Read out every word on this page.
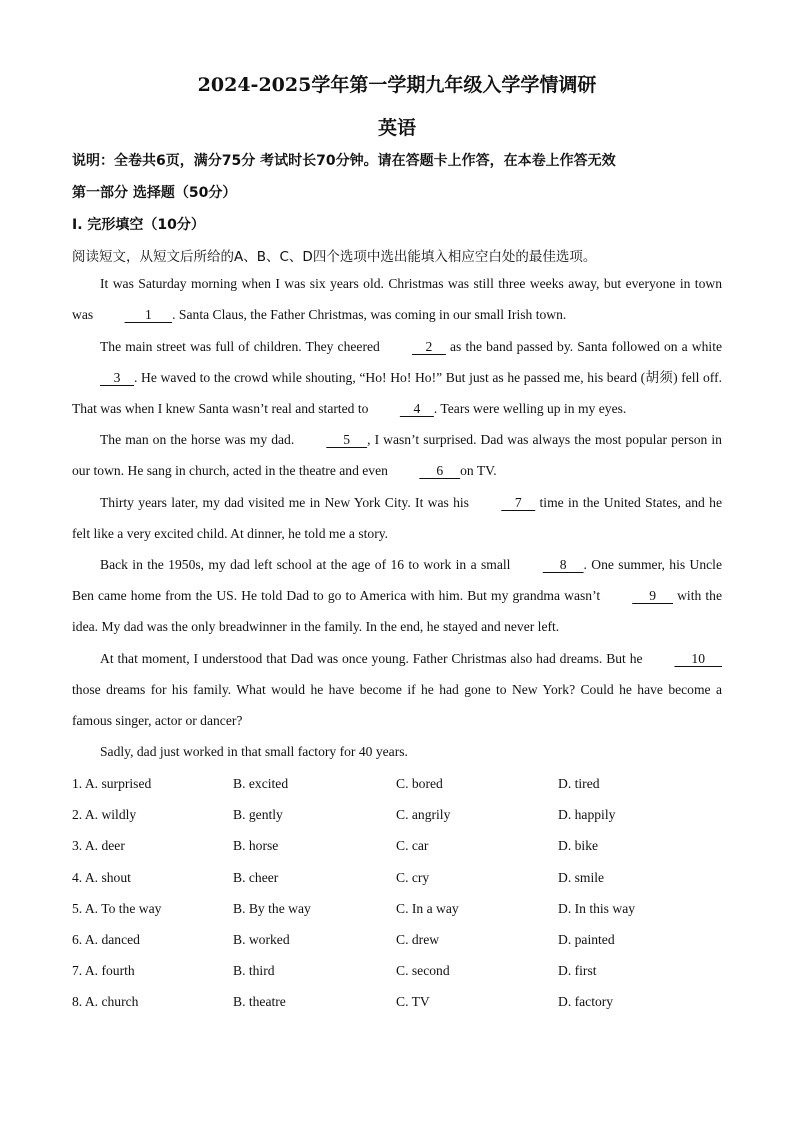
2024-2025学年第一学期九年级入学学情调研
英语
说明：全卷共6页，满分75分 考试时长70分钟。请在答题卡上作答，在本卷上作答无效
第一部分 选择题（50分）
I. 完形填空（10分）
阅读短文，从短文后所给的A、B、C、D四个选项中选出能填入相应空白处的最佳选项。
It was Saturday morning when I was six years old. Christmas was still three weeks away, but everyone in town was       1      . Santa Claus, the Father Christmas, was coming in our small Irish town.
The main street was full of children. They cheered     2     as the band passed by. Santa followed on a white     3    . He waved to the crowd while shouting, “Ho! Ho! Ho!” But just as he passed me, his beard (胡须) fell off. That was when I knew Santa wasn’t real and started to     4    . Tears were welling up in my eyes.
The man on the horse was my dad.      5     , I wasn’t surprised. Dad was always the most popular person in our town. He sang in church, acted in the theatre and even      6     on TV.
Thirty years later, my dad visited me in New York City. It was his     7     time in the United States, and he felt like a very excited child. At dinner, he told me a story.
Back in the 1950s, my dad left school at the age of 16 to work in a small      8     . One summer, his Uncle Ben came home from the US. He told Dad to go to America with him. But my grandma wasn’t      9      with the idea. My dad was the only breadwinner in the family. In the end, he stayed and never left.
At that moment, I understood that Dad was once young. Father Christmas also had dreams. But he      10      those dreams for his family. What would he have become if he had gone to New York? Could he have become a famous singer, actor or dancer?
Sadly, dad just worked in that small factory for 40 years.
1. A. surprised	B. excited	C. bored	D. tired
2. A. wildly	B. gently	C. angrily	D. happily
3. A. deer	B. horse	C. car	D. bike
4. A. shout	B. cheer	C. cry	D. smile
5. A. To the way	B. By the way	C. In a way	D. In this way
6. A. danced	B. worked	C. drew	D. painted
7. A. fourth	B. third	C. second	D. first
8. A. church	B. theatre	C. TV	D. factory
